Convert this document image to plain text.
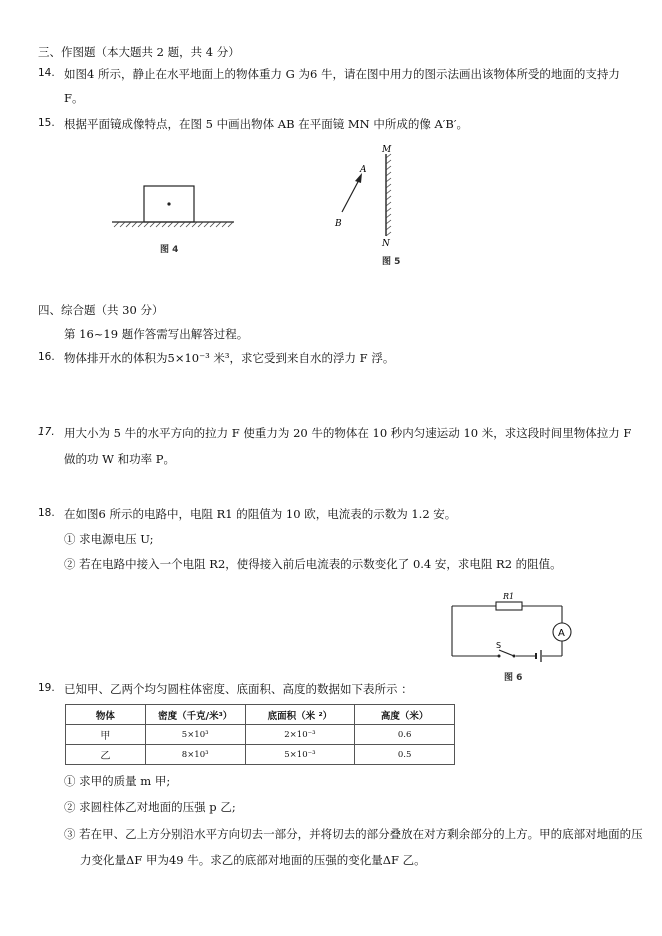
三、作图题（本大题共 2 题，共 4 分）
14. 如图4 所示，静止在水平地面上的物体重力 G 为6 牛，请在图中用力的图示法画出该物体所受的地面的支持力
F。
15. 根据平面镜成像特点，在图 5 中画出物体 AB 在平面镜 MN 中所成的像 A′B′。
图 4
M
N
A
B
图 5
四、综合题（共 30 分）
第 16~19 题作答需写出解答过程。
16. 物体排开水的体积为5×10⁻³ 米³，求它受到来自水的浮力 F 浮。
17. 用大小为 5 牛的水平方向的拉力 F 使重力为 20 牛的物体在 10 秒内匀速运动 10 米，求这段时间里物体拉力 F
做的功 W 和功率 P。
18. 在如图6 所示的电路中，电阻 R1 的阻值为 10 欧，电流表的示数为 1.2 安。
① 求电源电压 U;
② 若在电路中接入一个电阻 R2，使得接入前后电流表的示数变化了 0.4 安，求电阻 R2 的阻值。
A
R1
S
图 6
19. 已知甲、乙两个均匀圆柱体密度、底面积、高度的数据如下表所示 ：
物体	密度（千克/米³）	底面积（米 ²）	高度（米）
甲	5×10³	2×10⁻³	0.6
乙	8×10³	5×10⁻³	0.5
① 求甲的质量 m 甲;
② 求圆柱体乙对地面的压强 p 乙;
③ 若在甲、乙上方分别沿水平方向切去一部分，并将切去的部分叠放在对方剩余部分的上方。甲的底部对地面的压
力变化量ΔF 甲为49 牛。求乙的底部对地面的压强的变化量ΔF 乙。
